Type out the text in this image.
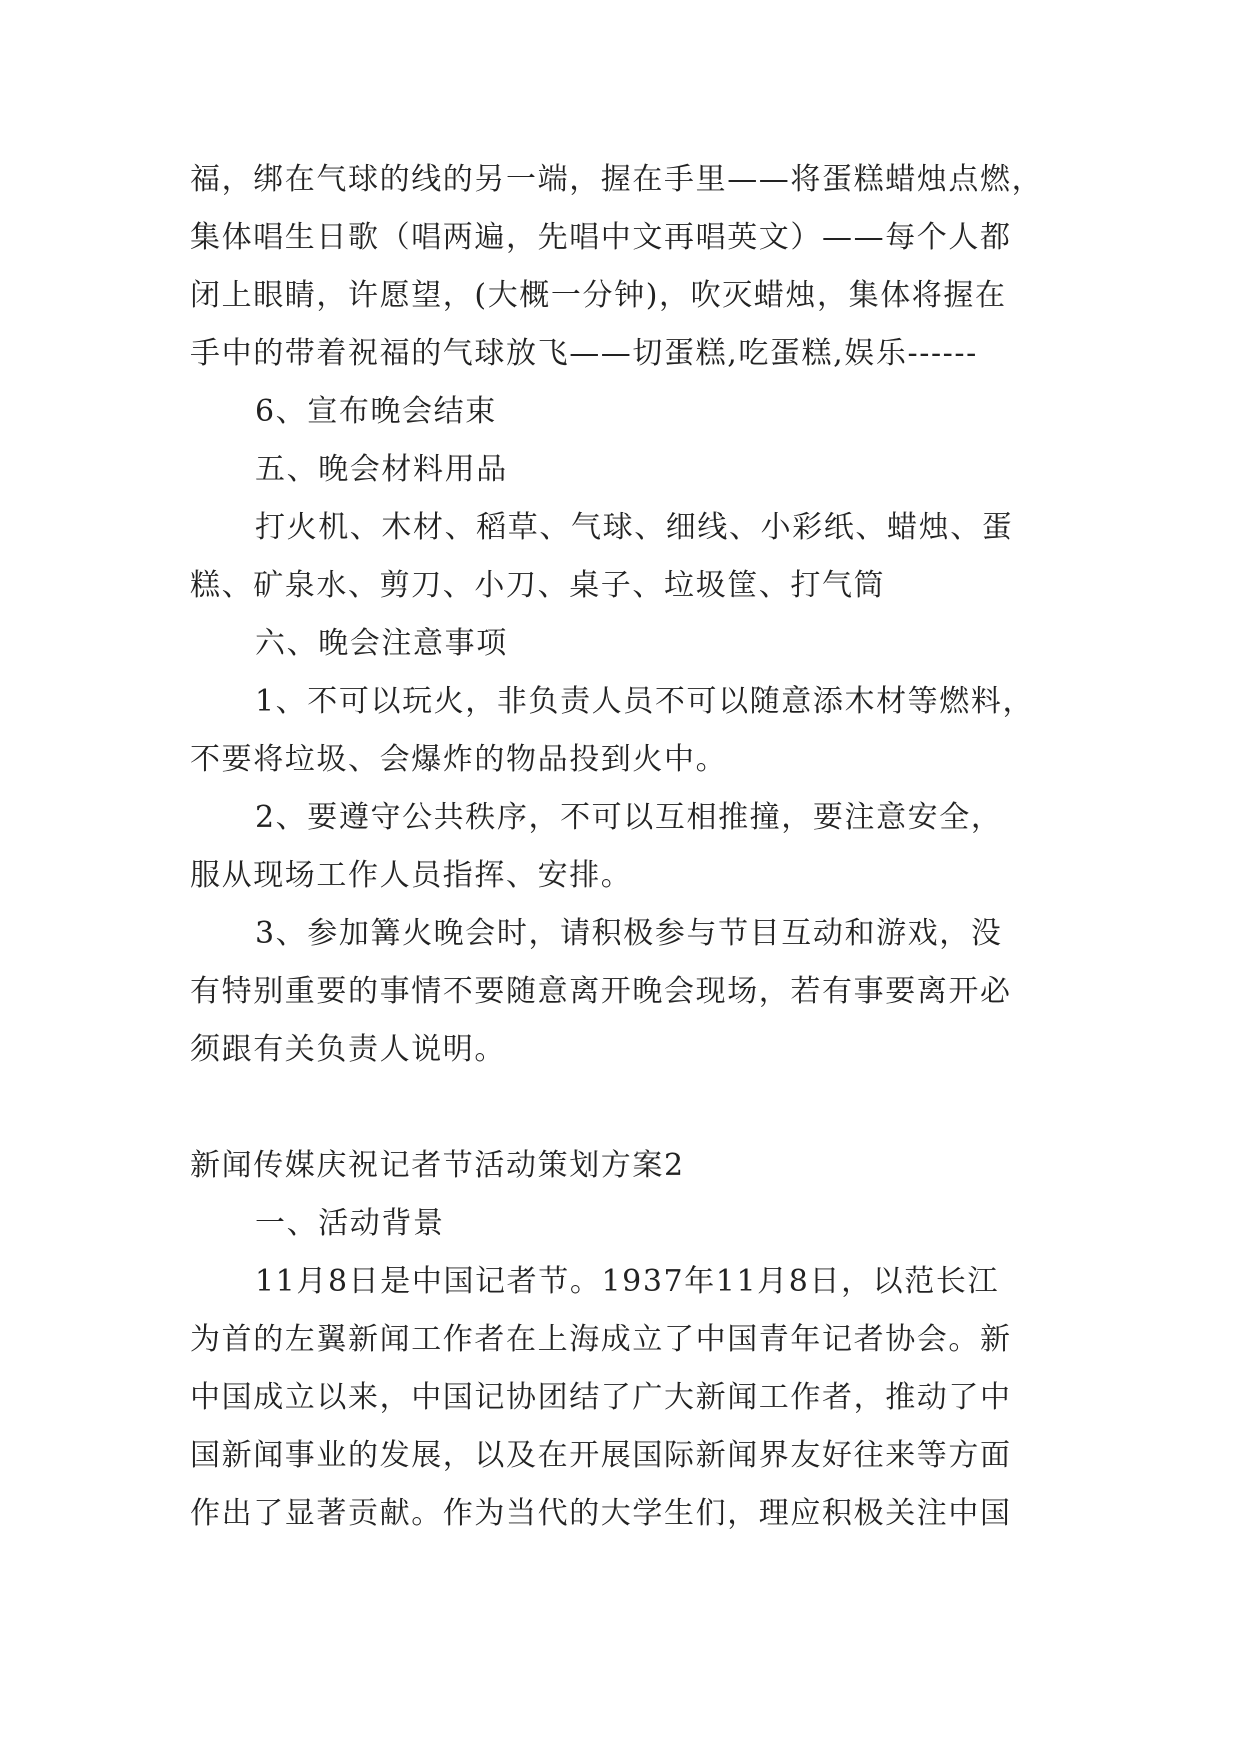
福，绑在气球的线的另一端，握在手里——将蛋糕蜡烛点燃，
集体唱生日歌（唱两遍，先唱中文再唱英文）——每个人都
闭上眼睛，许愿望，(大概一分钟)，吹灭蜡烛，集体将握在
手中的带着祝福的气球放飞——切蛋糕,吃蛋糕,娱乐------
6、宣布晚会结束
五、晚会材料用品
打火机、木材、稻草、气球、细线、小彩纸、蜡烛、蛋
糕、矿泉水、剪刀、小刀、桌子、垃圾筐、打气筒
六、晚会注意事项
1、不可以玩火，非负责人员不可以随意添木材等燃料，
不要将垃圾、会爆炸的物品投到火中。
2、要遵守公共秩序，不可以互相推撞，要注意安全，
服从现场工作人员指挥、安排。
3、参加篝火晚会时，请积极参与节目互动和游戏，没
有特别重要的事情不要随意离开晚会现场，若有事要离开必
须跟有关负责人说明。
新闻传媒庆祝记者节活动策划方案2
一、活动背景
11月8日是中国记者节。1937年11月8日，以范长江
为首的左翼新闻工作者在上海成立了中国青年记者协会。新
中国成立以来，中国记协团结了广大新闻工作者，推动了中
国新闻事业的发展，以及在开展国际新闻界友好往来等方面
作出了显著贡献。作为当代的大学生们，理应积极关注中国
